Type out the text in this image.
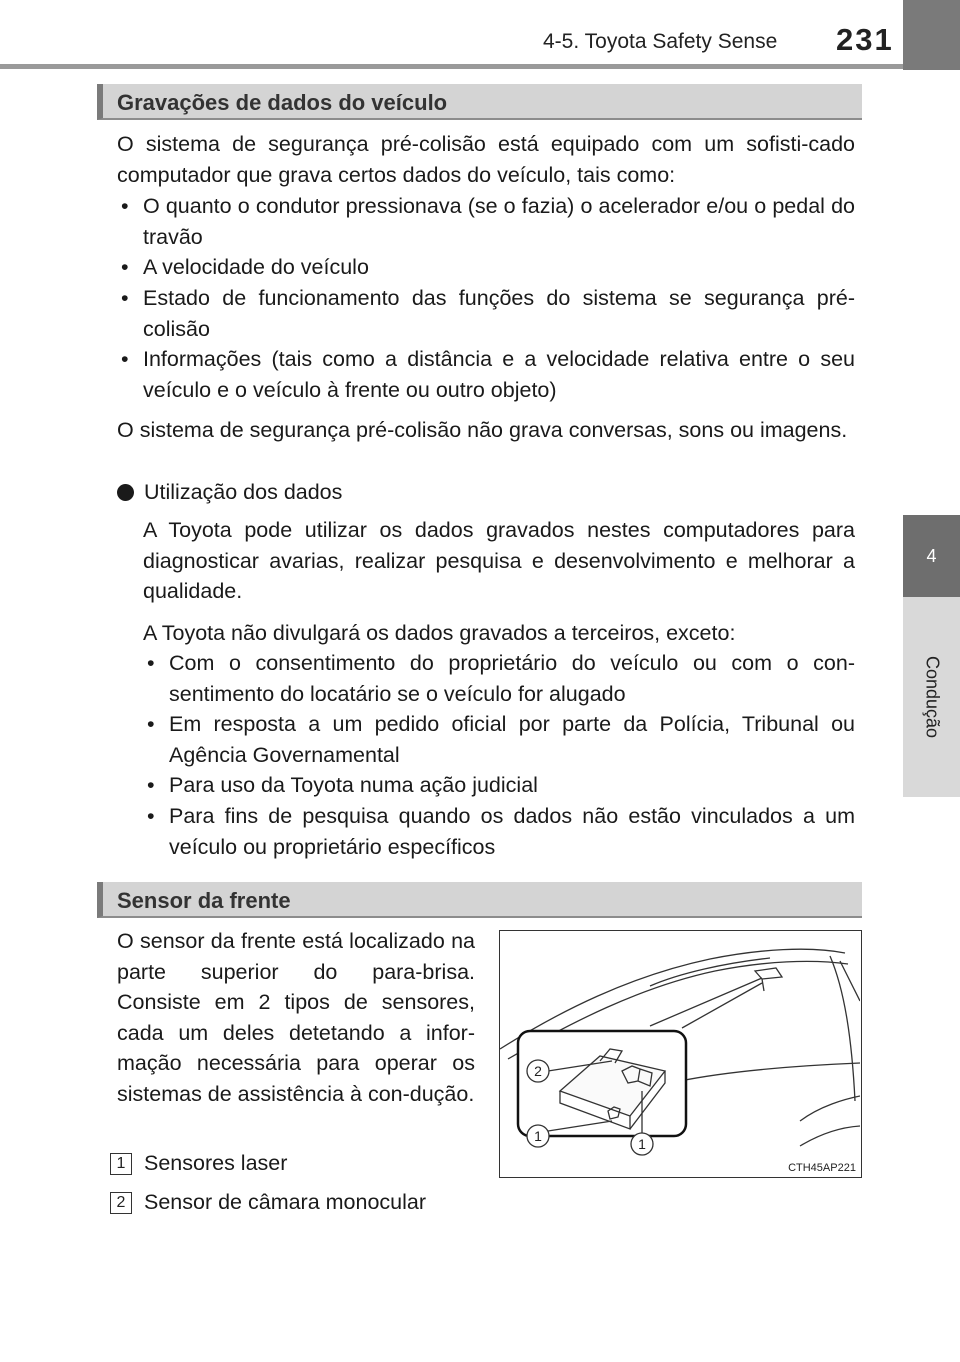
4-5. Toyota Safety Sense 231
4
Condução
Gravações de dados do veículo
O sistema de segurança pré-colisão está equipado com um sofisti-cado computador que grava certos dados do veículo, tais como:
• O quanto o condutor pressionava (se o fazia) o acelerador e/ou o pedal do travão
• A velocidade do veículo
• Estado de funcionamento das funções do sistema se segurança pré-colisão
• Informações (tais como a distância e a velocidade relativa entre o seu veículo e o veículo à frente ou outro objeto)
O sistema de segurança pré-colisão não grava conversas, sons ou imagens.
Utilização dos dados
A Toyota pode utilizar os dados gravados nestes computadores para diagnosticar avarias, realizar pesquisa e desenvolvimento e melhorar a qualidade.
A Toyota não divulgará os dados gravados a terceiros, exceto:
• Com o consentimento do proprietário do veículo ou com o con-sentimento do locatário se o veículo for alugado
• Em resposta a um pedido oficial por parte da Polícia, Tribunal ou Agência Governamental
• Para uso da Toyota numa ação judicial
• Para fins de pesquisa quando os dados não estão vinculados a um veículo ou proprietário específicos
Sensor da frente
O sensor da frente está localizado na parte superior do para-brisa. Consiste em 2 tipos de sensores, cada um deles detetando a infor-mação necessária para operar os sistemas de assistência à con-dução.
1 Sensores laser
2 Sensor de câmara monocular
2
1	1
CTH45AP221
